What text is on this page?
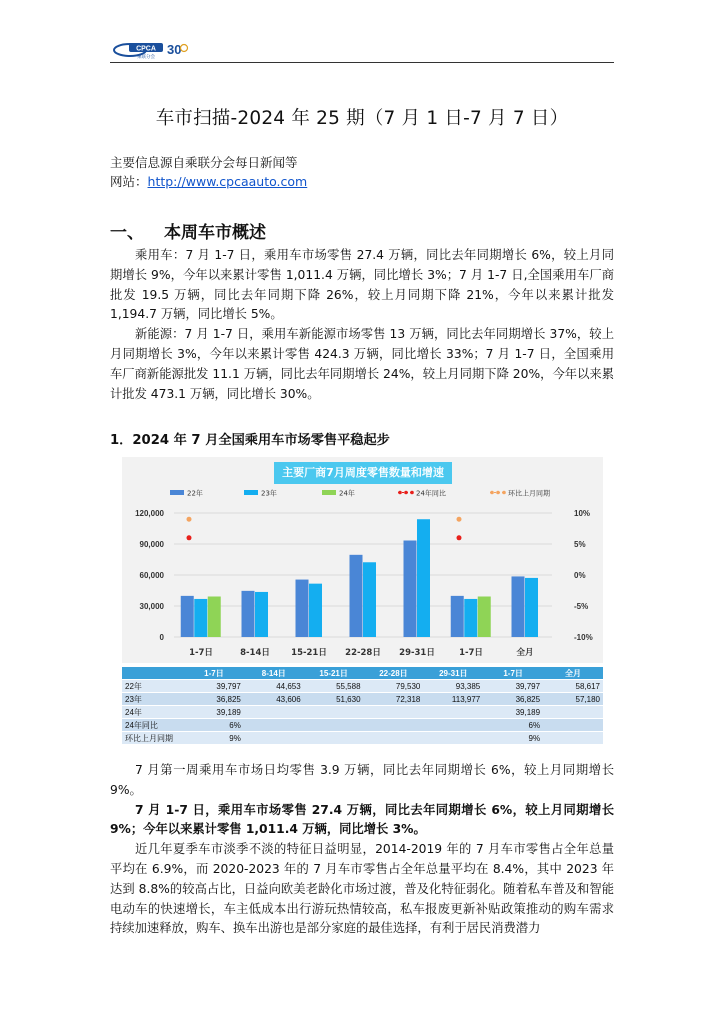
CPCA
乘联分会
30
车市扫描-2024 年 25 期（7 月 1 日-7 月 7 日）
主要信息源自乘联分会每日新闻等
网站：http://www.cpcaauto.com
一、 本周车市概述

乘用车：7 月 1-7 日，乘用车市场零售 27.4 万辆，同比去年同期增长 6%，较上月同期增长 9%，今年以来累计零售 1,011.4 万辆，同比增长 3%；7 月 1-7 日,全国乘用车厂商批发 19.5 万辆，同比去年同期下降 26%，较上月同期下降 21%，今年以来累计批发 1,194.7 万辆，同比增长 5%。

新能源：7 月 1-7 日，乘用车新能源市场零售 13 万辆，同比去年同期增长 37%，较上月同期增长 3%，今年以来累计零售 424.3 万辆，同比增长 33%；7 月 1-7 日，全国乘用车厂商新能源批发 11.1 万辆，同比去年同期增长 24%，较上月同期下降 20%，今年以来累计批发 473.1 万辆，同比增长 30%。

1．2024 年 7 月全国乘用车市场零售平稳起步
主要厂商7月周度零售数量和增速
120,000
90,000
60,000
30,000
0
10%
5%
0%
-5%
-10%
1-7日	8-14日	15-21日 22-28日 29-31日	1-7日	全月
22年	23年	24年	24年同比	环比上月同期
	1-7日	8-14日	15-21日	22-28日	29-31日	1-7日	全月
22年	39,797	44,653	55,588	79,530	93,385	39,797	58,617
23年	36,825	43,606	51,630	72,318	113,977	36,825	57,180
24年	39,189					39,189	
24年同比	6%					6%	
环比上月同期	9%					9%	

7 月第一周乘用车市场日均零售 3.9 万辆，同比去年同期增长 6%，较上月同期增长 9%。

7 月 1-7 日，乘用车市场零售 27.4 万辆，同比去年同期增长 6%，较上月同期增长 9%；今年以来累计零售 1,011.4 万辆，同比增长 3%。

近几年夏季车市淡季不淡的特征日益明显，2014-2019 年的 7 月车市零售占全年总量平均在 6.9%，而 2020-2023 年的 7 月车市零售占全年总量平均在 8.4%，其中 2023 年达到 8.8%的较高占比，日益向欧美老龄化市场过渡，普及化特征弱化。随着私车普及和智能电动车的快速增长，车主低成本出行游玩热情较高，私车报废更新补贴政策推动的购车需求持续加速释放，购车、换车出游也是部分家庭的最佳选择，有利于居民消费潜力
